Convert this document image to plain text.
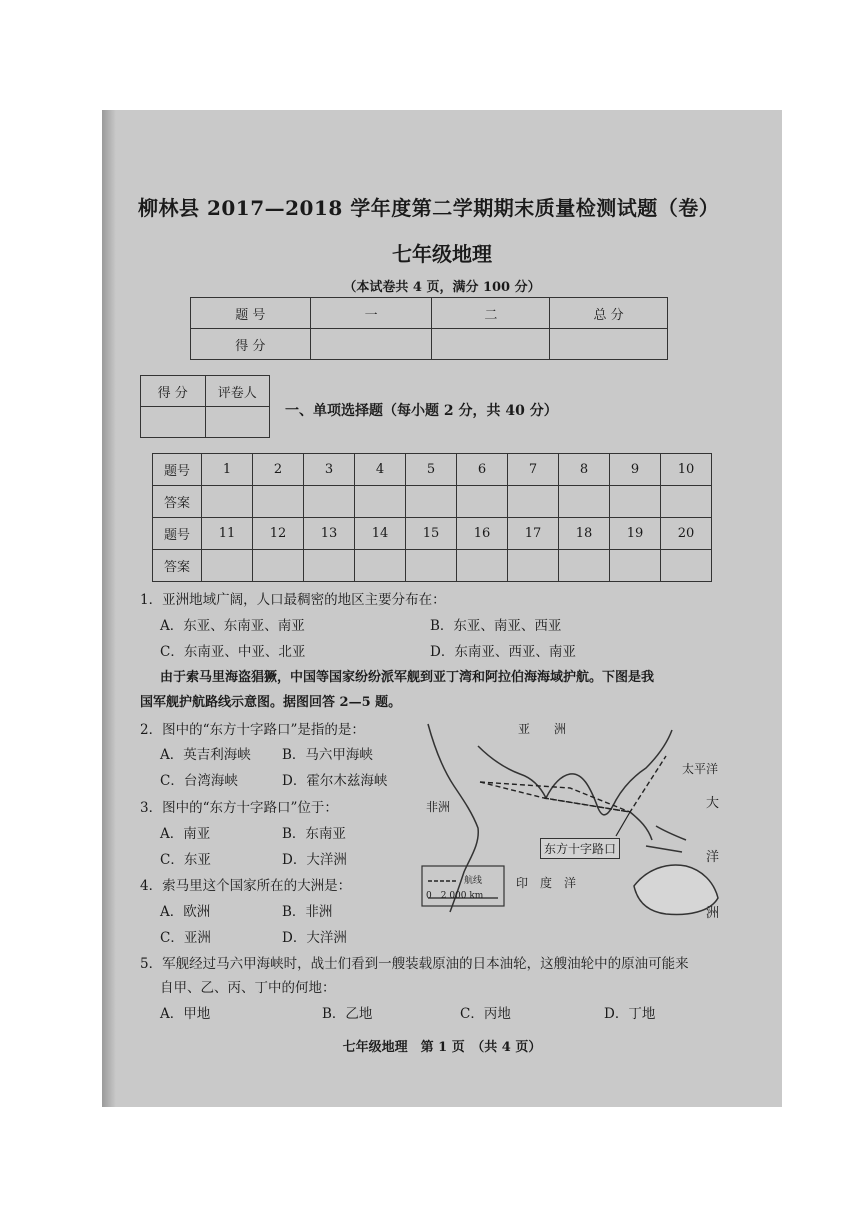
柳林县 2017—2018 学年度第二学期期末质量检测试题（卷）
七年级地理
（本试卷共 4 页，满分 100 分）
题 号	一	二	总 分
得 分			
得 分	评卷人

一、单项选择题（每小题 2 分，共 40 分）
题号	1	2	3	4	5	6	7	8	9	10
答案										
题号	11	12	13	14	15	16	17	18	19	20
答案										
1．亚洲地域广阔，人口最稠密的地区主要分布在：
A．东亚、东南亚、南亚	B．东亚、南亚、西亚
C．东南亚、中亚、北亚	D．东南亚、西亚、南亚
由于索马里海盗猖獗，中国等国家纷纷派军舰到亚丁湾和阿拉伯海海域护航。下图是我
国军舰护航路线示意图。据图回答 2—5 题。
2．图中的“东方十字路口”是指的是：
A．英吉利海峡 B．马六甲海峡
C．台湾海峡	D．霍尔木兹海峡
3．图中的“东方十字路口”位于：
A．南亚	B．东南亚
C．东亚	D．大洋洲
4．索马里这个国家所在的大洲是：
A．欧洲	B．非洲
C．亚洲	D．大洋洲
5．军舰经过马六甲海峡时，战士们看到一艘装载原油的日本油轮，这艘油轮中的原油可能来
自甲、乙、丙、丁中的何地：
A．甲地	B．乙地	C．丙地	D．丁地
亚　　洲
太平洋
非洲	大
洋
洲
东方十字路口
印　度　洋
航线
0　2 000 km
七年级地理　第 1 页　（共 4 页）
